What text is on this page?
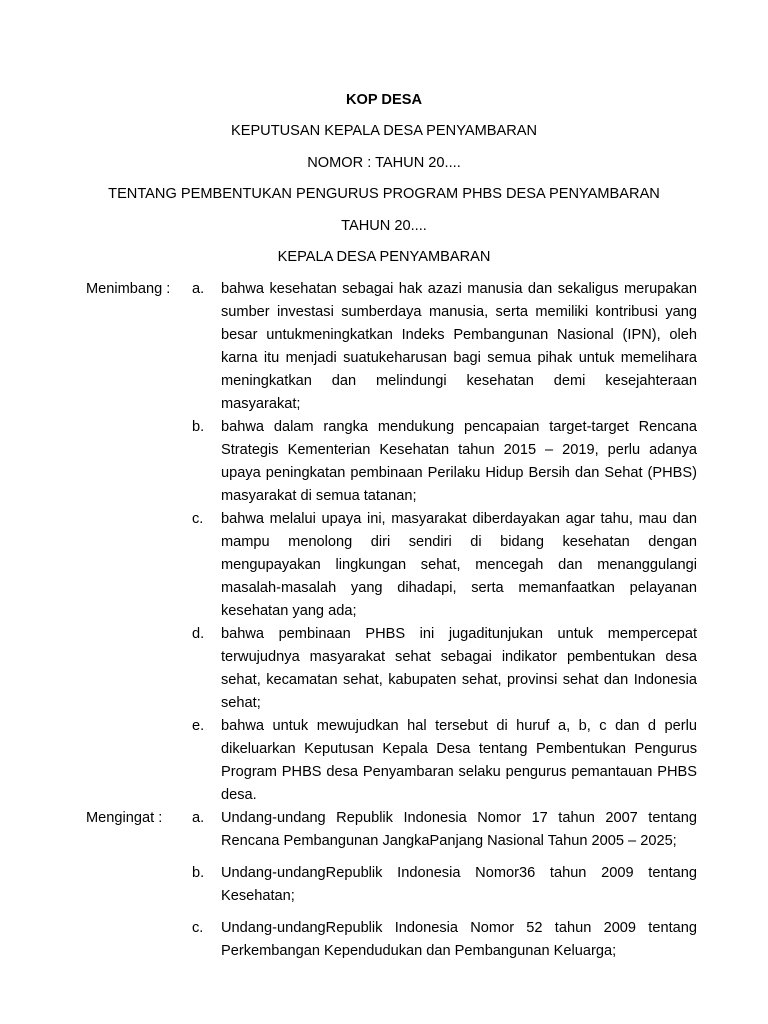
KOP DESA
KEPUTUSAN KEPALA DESA PENYAMBARAN
NOMOR : TAHUN 20....
TENTANG PEMBENTUKAN PENGURUS PROGRAM PHBS DESA PENYAMBARAN
TAHUN 20....
KEPALA DESA PENYAMBARAN
Menimbang : a. bahwa kesehatan sebagai hak azazi manusia dan sekaligus merupakan sumber investasi sumberdaya manusia, serta memiliki kontribusi yang besar untukmeningkatkan Indeks Pembangunan Nasional (IPN), oleh karna itu menjadi suatukeharusan bagi semua pihak untuk memelihara meningkatkan dan melindungi kesehatan demi kesejahteraan masyarakat;
b. bahwa dalam rangka mendukung pencapaian target-target Rencana Strategis Kementerian Kesehatan tahun 2015 – 2019, perlu adanya upaya peningkatan pembinaan Perilaku Hidup Bersih dan Sehat (PHBS) masyarakat di semua tatanan;
c. bahwa melalui upaya ini, masyarakat diberdayakan agar tahu, mau dan mampu menolong diri sendiri di bidang kesehatan dengan mengupayakan lingkungan sehat, mencegah dan menanggulangi masalah-masalah yang dihadapi, serta memanfaatkan pelayanan kesehatan yang ada;
d. bahwa pembinaan PHBS ini jugaditunjukan untuk mempercepat terwujudnya masyarakat sehat sebagai indikator pembentukan desa sehat, kecamatan sehat, kabupaten sehat, provinsi sehat dan Indonesia sehat;
e. bahwa untuk mewujudkan hal tersebut di huruf a, b, c dan d perlu dikeluarkan Keputusan Kepala Desa tentang Pembentukan Pengurus Program PHBS desa Penyambaran selaku pengurus pemantauan PHBS desa.
Mengingat : a. Undang-undang Republik Indonesia Nomor 17 tahun 2007 tentang Rencana Pembangunan JangkaPanjang Nasional Tahun 2005 – 2025;
b. Undang-undangRepublik Indonesia Nomor36 tahun 2009 tentang Kesehatan;
c. Undang-undangRepublik Indonesia Nomor 52 tahun 2009 tentang Perkembangan Kependudukan dan Pembangunan Keluarga;
